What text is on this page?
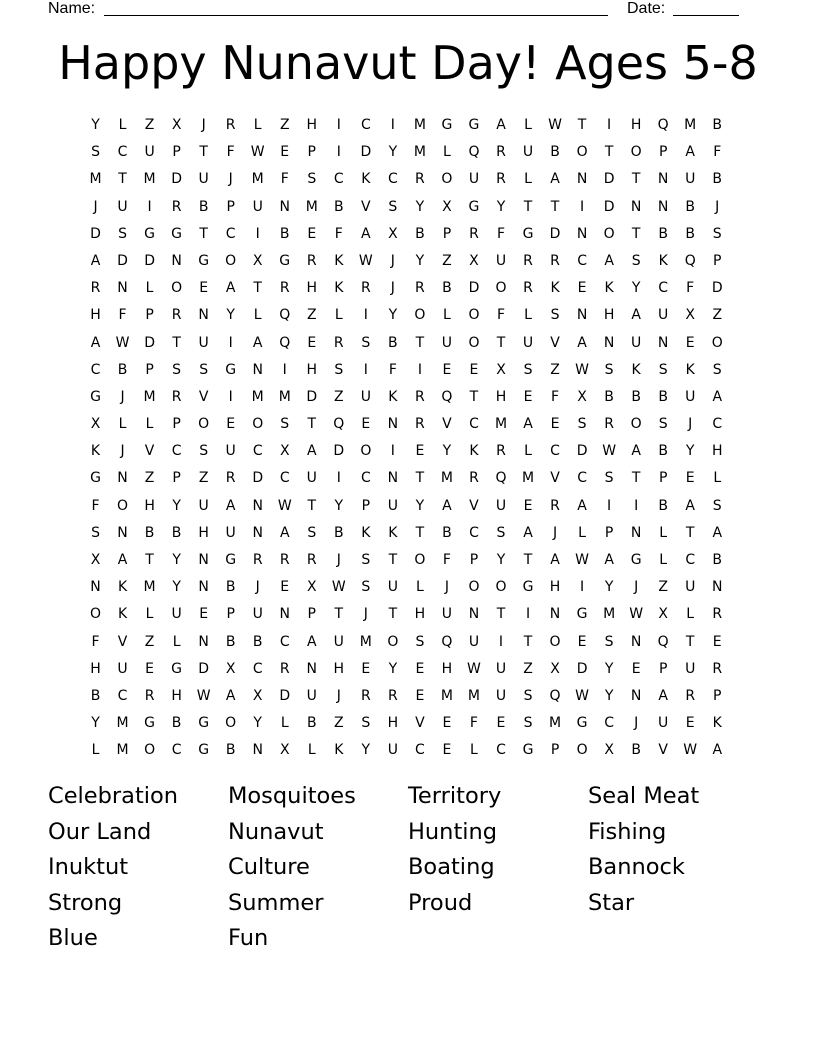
Name:	Date:
Happy Nunavut Day! Ages 5-8
Y	L	Z	X	J	R	L	Z	H	I	C	I	M	G	G	A	L	W	T	I	H	Q	M	B
S	C	U	P	T	F	W	E	P	I	D	Y	M	L	Q	R	U	B	O	T	O	P	A	F
M	T	M	D	U	J	M	F	S	C	K	C	R	O	U	R	L	A	N	D	T	N	U	B
J	U	I	R	B	P	U	N	M	B	V	S	Y	X	G	Y	T	T	I	D	N	N	B	J
D	S	G	G	T	C	I	B	E	F	A	X	B	P	R	F	G	D	N	O	T	B	B	S
A	D	D	N	G	O	X	G	R	K	W	J	Y	Z	X	U	R	R	C	A	S	K	Q	P
R	N	L	O	E	A	T	R	H	K	R	J	R	B	D	O	R	K	E	K	Y	C	F	D
H	F	P	R	N	Y	L	Q	Z	L	I	Y	O	L	O	F	L	S	N	H	A	U	X	Z
A	W	D	T	U	I	A	Q	E	R	S	B	T	U	O	T	U	V	A	N	U	N	E	O
C	B	P	S	S	G	N	I	H	S	I	F	I	E	E	X	S	Z	W	S	K	S	K	S
G	J	M	R	V	I	M	M	D	Z	U	K	R	Q	T	H	E	F	X	B	B	B	U	A
X	L	L	P	O	E	O	S	T	Q	E	N	R	V	C	M	A	E	S	R	O	S	J	C
K	J	V	C	S	U	C	X	A	D	O	I	E	Y	K	R	L	C	D	W	A	B	Y	H
G	N	Z	P	Z	R	D	C	U	I	C	N	T	M	R	Q	M	V	C	S	T	P	E	L
F	O	H	Y	U	A	N	W	T	Y	P	U	Y	A	V	U	E	R	A	I	I	B	A	S
S	N	B	B	H	U	N	A	S	B	K	K	T	B	C	S	A	J	L	P	N	L	T	A
X	A	T	Y	N	G	R	R	R	J	S	T	O	F	P	Y	T	A	W	A	G	L	C	B
N	K	M	Y	N	B	J	E	X	W	S	U	L	J	O	O	G	H	I	Y	J	Z	U	N
O	K	L	U	E	P	U	N	P	T	J	T	H	U	N	T	I	N	G	M	W	X	L	R
F	V	Z	L	N	B	B	C	A	U	M	O	S	Q	U	I	T	O	E	S	N	Q	T	E
H	U	E	G	D	X	C	R	N	H	E	Y	E	H	W	U	Z	X	D	Y	E	P	U	R
B	C	R	H	W	A	X	D	U	J	R	R	E	M	M	U	S	Q	W	Y	N	A	R	P
Y	M	G	B	G	O	Y	L	B	Z	S	H	V	E	F	E	S	M	G	C	J	U	E	K
L	M	O	C	G	B	N	X	L	K	Y	U	C	E	L	C	G	P	O	X	B	V	W	A
Celebration	Mosquitoes	Territory	Seal Meat
Our Land	Nunavut	Hunting	Fishing
Inuktut	Culture	Boating	Bannock
Strong	Summer	Proud	Star
Blue	Fun
